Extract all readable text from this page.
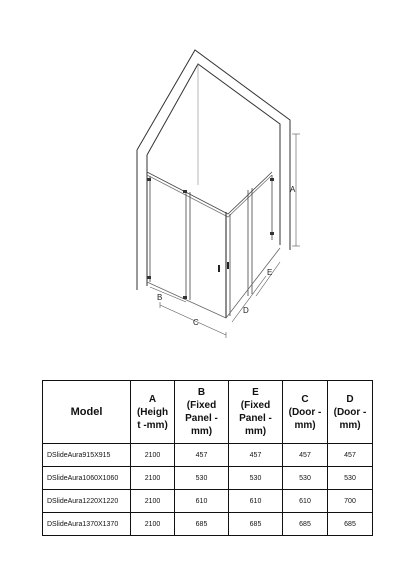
A
B
C
D
E
Model	A
(Heigh
t -mm)	B
(Fixed
Panel -
mm)	E
(Fixed
Panel -
mm)	C
(Door -
mm)	D
(Door -
mm)

DSlideAura915X915	2100	457	457	457	457
DSlideAura1060X1060	2100	530	530	530	530
DSlideAura1220X1220	2100	610	610	610	700
DSlideAura1370X1370	2100	685	685	685	685
